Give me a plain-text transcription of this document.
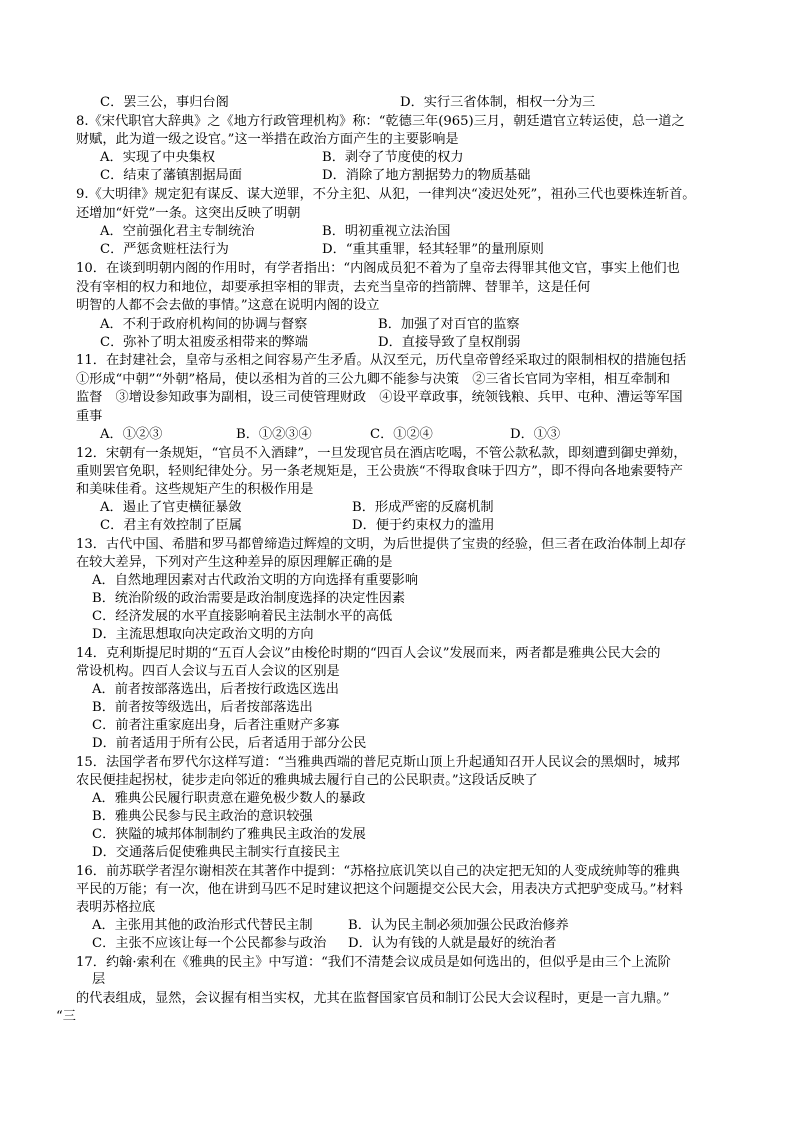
C．罢三公，事归台阁	D．实行三省体制，相权一分为三
8.《宋代职官大辞典》之《地方行政管理机构》称：“乾德三年(965)三月，朝廷遣官立转运使，总一道之
财赋，此为道一级之设官。”这一举措在政治方面产生的主要影响是
A．实现了中央集权	B．剥夺了节度使的权力
C．结束了藩镇割据局面	D．消除了地方割据势力的物质基础
9.《大明律》规定犯有谋反、谋大逆罪，不分主犯、从犯，一律判决“凌迟处死”，祖孙三代也要株连斩首。
还增加“奸党”一条。这突出反映了明朝
A．空前强化君主专制统治	B．明初重视立法治国
C．严惩贪赃枉法行为	D．“重其重罪，轻其轻罪”的量刑原则
10．在谈到明朝内阁的作用时，有学者指出：“内阁成员犯不着为了皇帝去得罪其他文官，事实上他们也
没有宰相的权力和地位，却要承担宰相的罪责，去充当皇帝的挡箭牌、替罪羊，这是任何
明智的人都不会去做的事情。”这意在说明内阁的设立
A．不利于政府机构间的协调与督察	B．加强了对百官的监察
C．弥补了明太祖废丞相带来的弊端	D．直接导致了皇权削弱
11．在封建社会，皇帝与丞相之间容易产生矛盾。从汉至元，历代皇帝曾经采取过的限制相权的措施包括
①形成“中朝”“外朝”格局，使以丞相为首的三公九卿不能参与决策　②三省长官同为宰相，相互牵制和
监督　③增设参知政事为副相，设三司使管理财政　④设平章政事，统领钱粮、兵甲、屯种、漕运等军国
重事
A．①②③	B．①②③④	C．①②④	D．①③
12．宋朝有一条规矩，“官员不入酒肆”，一旦发现官员在酒店吃喝，不管公款私款，即刻遭到御史弹劾，
重则罢官免职，轻则纪律处分。另一条老规矩是，王公贵族“不得取食味于四方”，即不得向各地索要特产
和美味佳肴。这些规矩产生的积极作用是
A．遏止了官吏横征暴敛	B．形成严密的反腐机制
C．君主有效控制了臣属	D．便于约束权力的滥用
13．古代中国、希腊和罗马都曾缔造过辉煌的文明，为后世提供了宝贵的经验，但三者在政治体制上却存
在较大差异，下列对产生这种差异的原因理解正确的是
A．自然地理因素对古代政治文明的方向选择有重要影响
B．统治阶级的政治需要是政治制度选择的决定性因素
C．经济发展的水平直接影响着民主法制水平的高低
D．主流思想取向决定政治文明的方向
14．克利斯提尼时期的“五百人会议”由梭伦时期的“四百人会议”发展而来，两者都是雅典公民大会的
常设机构。四百人会议与五百人会议的区别是
A．前者按部落选出，后者按行政选区选出
B．前者按等级选出，后者按部落选出
C．前者注重家庭出身，后者注重财产多寡
D．前者适用于所有公民，后者适用于部分公民
15．法国学者布罗代尔这样写道：“当雅典西端的普尼克斯山顶上升起通知召开人民议会的黑烟时，城邦
农民便挂起拐杖，徒步走向邻近的雅典城去履行自己的公民职责。”这段话反映了
A．雅典公民履行职责意在避免极少数人的暴政
B．雅典公民参与民主政治的意识较强
C．狭隘的城邦体制制约了雅典民主政治的发展
D．交通落后促使雅典民主制实行直接民主
16．前苏联学者涅尔谢相茨在其著作中提到：“苏格拉底讥笑以自己的决定把无知的人变成统帅等的雅典
平民的万能；有一次，他在讲到马匹不足时建议把这个问题提交公民大会，用表决方式把驴变成马。”材料
表明苏格拉底
A．主张用其他的政治形式代替民主制	B．认为民主制必须加强公民政治修养
C．主张不应该让每一个公民都参与政治 D．认为有钱的人就是最好的统治者
17．约翰·索利在《雅典的民主》中写道：“我们不清楚会议成员是如何选出的，但似乎是由三个上流阶
层
的代表组成，显然，会议握有相当实权，尤其在监督国家官员和制订公民大会议程时，更是一言九鼎。”
“三
